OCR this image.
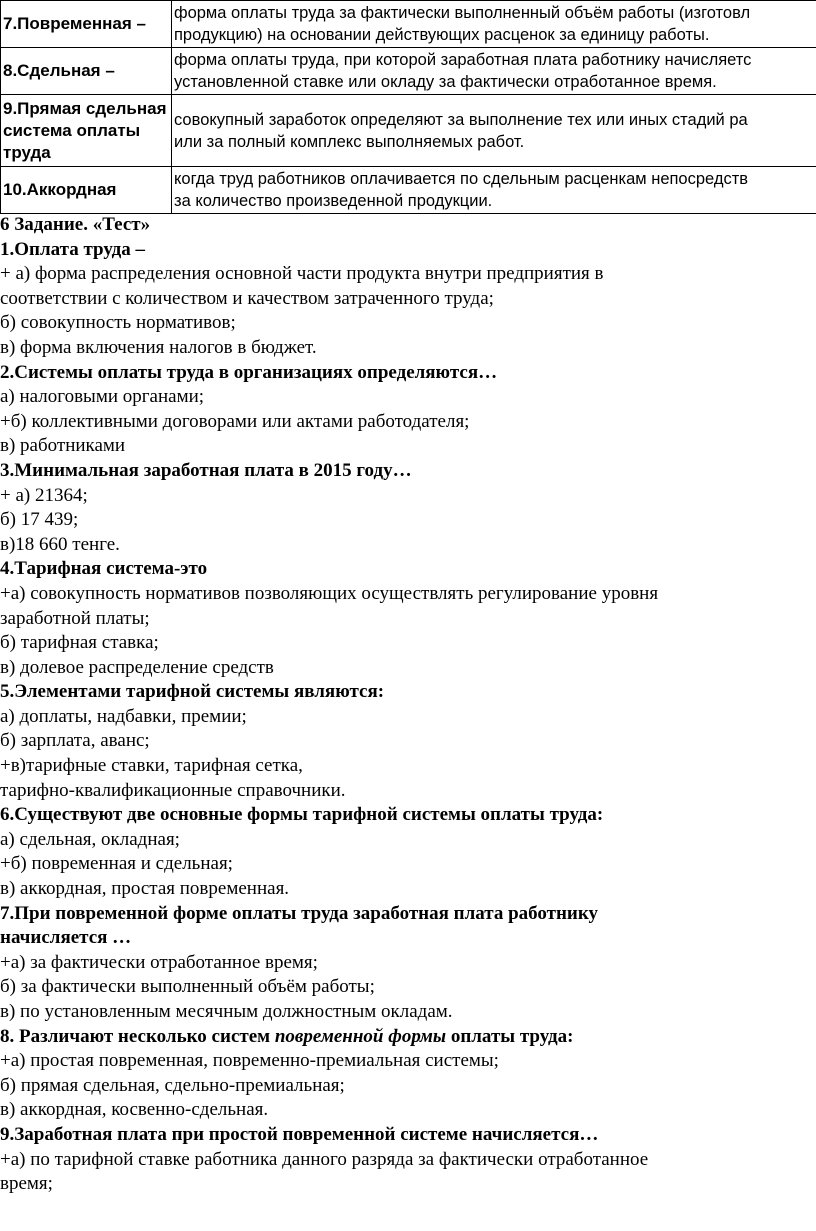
7.Повременная –	форма оплаты труда за фактически выполненный объём работы (изготовл
продукцию) на основании действующих расценок за единицу работы.

8.Сдельная –	форма оплаты труда, при которой заработная плата работнику начисляетс
установленной ставке или окладу за фактически отработанное время.

9.Прямая сдельная система оплаты труда	совокупный заработок определяют за выполнение тех или иных стадий ра
или за полный комплекс выполняемых работ.

10.Аккордная	когда труд работников оплачивается по сдельным расценкам непосредств
за количество произведенной продукции.
6 Задание. «Тест»
1.Оплата труда –
+ а) форма распределения основной части продукта внутри предприятия в
соответствии с количеством и качеством затраченного труда;
б) совокупность нормативов;
в) форма включения налогов в бюджет.
2.Системы оплаты труда в организациях определяются…
а) налоговыми органами;
+б) коллективными договорами или актами работодателя;
в) работниками
3.Минимальная заработная плата в 2015 году…
+ а) 21364;
б) 17 439;
в)18 660 тенге.
4.Тарифная система-это
+а) совокупность нормативов позволяющих осуществлять регулирование уровня
заработной платы;
б) тарифная ставка;
в) долевое распределение средств
5.Элементами тарифной системы являются:
а) доплаты, надбавки, премии;
б) зарплата, аванс;
+в)тарифные ставки, тарифная сетка,
тарифно-квалификационные справочники.
6.Существуют две основные формы тарифной системы оплаты труда:
а) сдельная, окладная;
+б) повременная и сдельная;
в) аккордная, простая повременная.
7.При повременной форме оплаты труда заработная плата работнику
начисляется …
+а) за фактически отработанное время;
б) за фактически выполненный объём работы;
в) по установленным месячным должностным окладам.
8. Различают несколько систем повременной формы оплаты труда:
+а) простая повременная, повременно-премиальная системы;
б) прямая сдельная, сдельно-премиальная;
в) аккордная, косвенно-сдельная.
9.Заработная плата при простой повременной системе начисляется…
+а) по тарифной ставке работника данного разряда за фактически отработанное
время;
